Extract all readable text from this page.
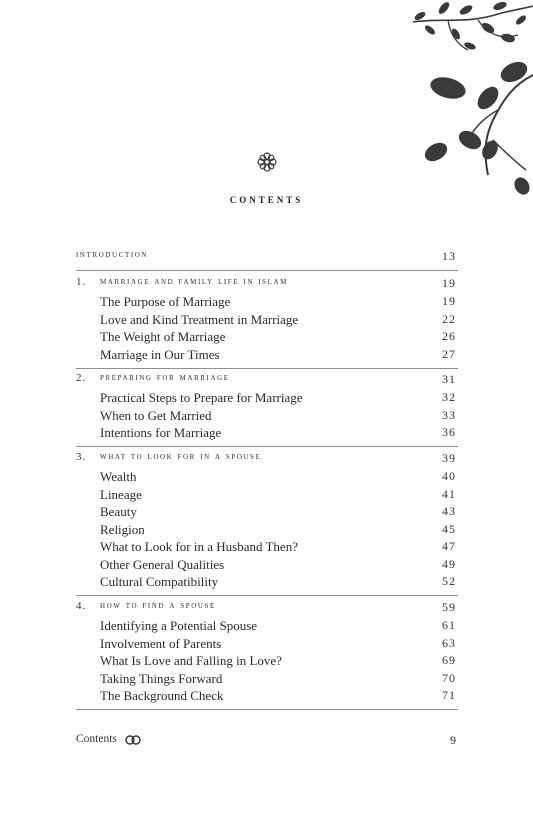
contents
introduction	13
1. marriage and family life in islam	19
The Purpose of Marriage	19
Love and Kind Treatment in Marriage	22
The Weight of Marriage	26
Marriage in Our Times	27
2. preparing for marriage	31
Practical Steps to Prepare for Marriage	32
When to Get Married	33
Intentions for Marriage	36
3. what to look for in a spouse	39
Wealth	40
Lineage	41
Beauty	43
Religion	45
What to Look for in a Husband Then?	47
Other General Qualities	49
Cultural Compatibility	52
4. how to find a spouse	59
Identifying a Potential Spouse	61
Involvement of Parents	63
What Is Love and Falling in Love?	69
Taking Things Forward	70
The Background Check	71
Contents	9
